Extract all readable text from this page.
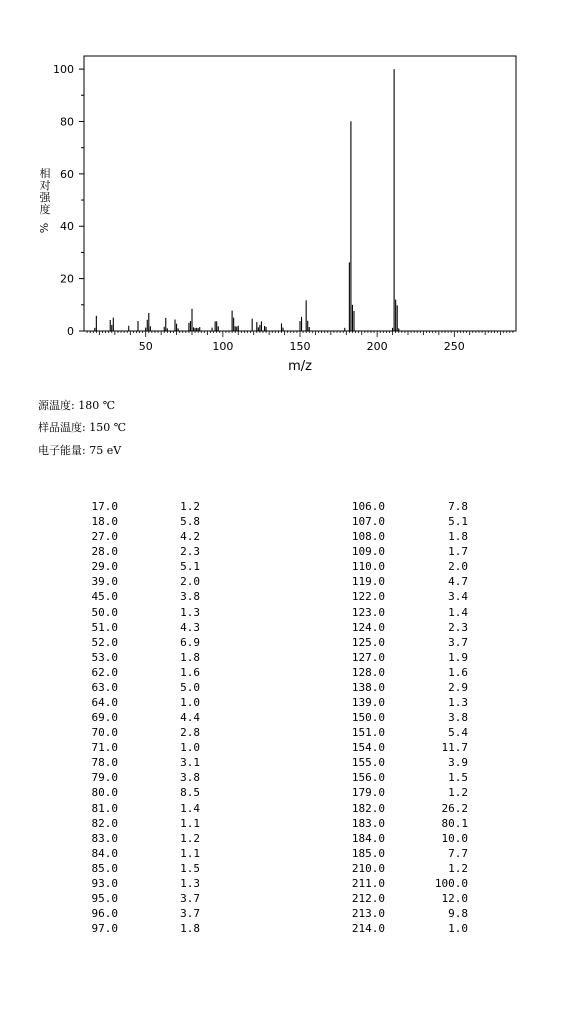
0
20
40
60
80
100
50	100	150	200	250
m/z
相
对
强
度
%
源温度: 180 ℃
样品温度: 150 ℃
电子能量: 75 eV
17.0	1.2
18.0	5.8
27.0	4.2
28.0	2.3
29.0	5.1
39.0	2.0
45.0	3.8
50.0	1.3
51.0	4.3
52.0	6.9
53.0	1.8
62.0	1.6
63.0	5.0
64.0	1.0
69.0	4.4
70.0	2.8
71.0	1.0
78.0	3.1
79.0	3.8
80.0	8.5
81.0	1.4
82.0	1.1
83.0	1.2
84.0	1.1
85.0	1.5
93.0	1.3
95.0	3.7
96.0	3.7
97.0	1.8
106.0	7.8
107.0	5.1
108.0	1.8
109.0	1.7
110.0	2.0
119.0	4.7
122.0	3.4
123.0	1.4
124.0	2.3
125.0	3.7
127.0	1.9
128.0	1.6
138.0	2.9
139.0	1.3
150.0	3.8
151.0	5.4
154.0	11.7
155.0	3.9
156.0	1.5
179.0	1.2
182.0	26.2
183.0	80.1
184.0	10.0
185.0	7.7
210.0	1.2
211.0	100.0
212.0	12.0
213.0	9.8
214.0	1.0
